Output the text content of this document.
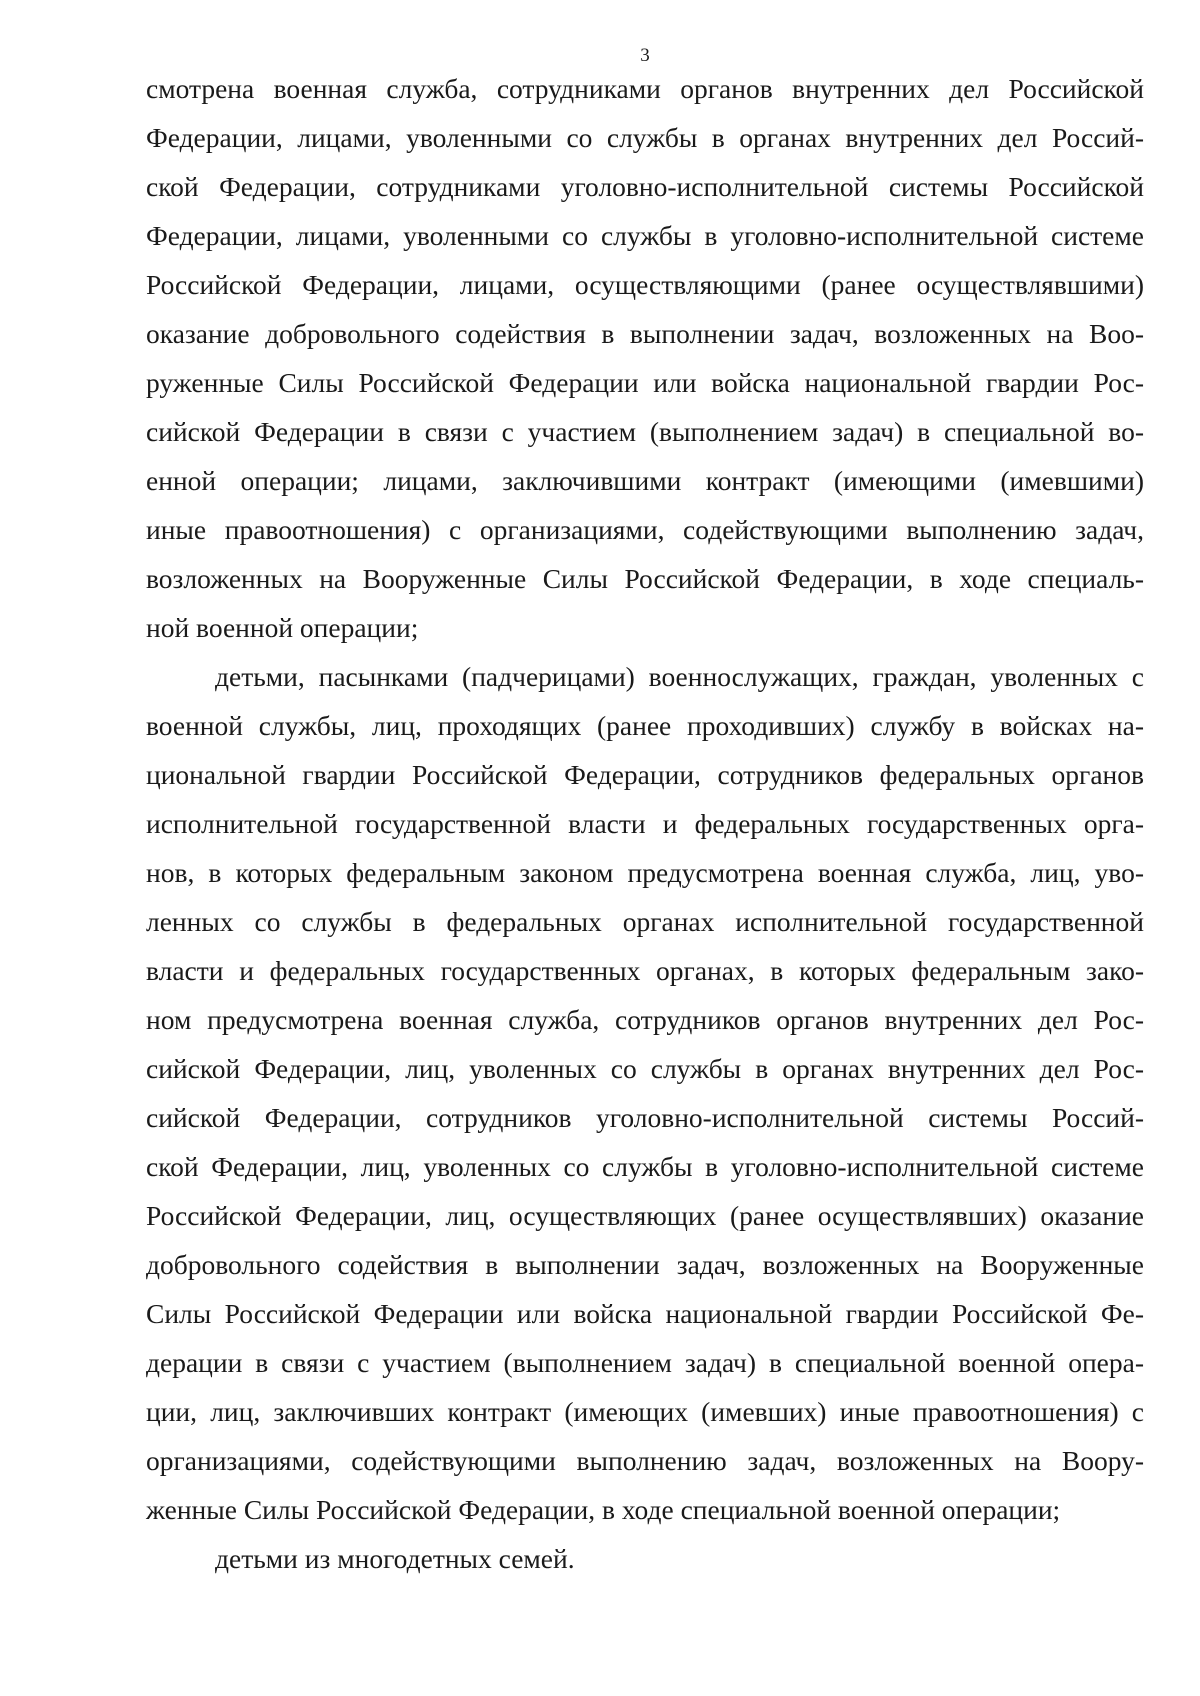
3
смотрена военная служба, сотрудниками органов внутренних дел Российской
Федерации, лицами, уволенными со службы в органах внутренних дел Россий-
ской Федерации, сотрудниками уголовно-исполнительной системы Российской
Федерации, лицами, уволенными со службы в уголовно-исполнительной системе
Российской Федерации, лицами, осуществляющими (ранее осуществлявшими)
оказание добровольного содействия в выполнении задач, возложенных на Воо-
руженные Силы Российской Федерации или войска национальной гвардии Рос-
сийской Федерации в связи с участием (выполнением задач) в специальной во-
енной операции; лицами, заключившими контракт (имеющими (имевшими)
иные правоотношения) с организациями, содействующими выполнению задач,
возложенных на Вооруженные Силы Российской Федерации, в ходе специаль-
ной военной операции;
детьми, пасынками (падчерицами) военнослужащих, граждан, уволенных с
военной службы, лиц, проходящих (ранее проходивших) службу в войсках на-
циональной гвардии Российской Федерации, сотрудников федеральных органов
исполнительной государственной власти и федеральных государственных орга-
нов, в которых федеральным законом предусмотрена военная служба, лиц, уво-
ленных со службы в федеральных органах исполнительной государственной
власти и федеральных государственных органах, в которых федеральным зако-
ном предусмотрена военная служба, сотрудников органов внутренних дел Рос-
сийской Федерации, лиц, уволенных со службы в органах внутренних дел Рос-
сийской Федерации, сотрудников уголовно-исполнительной системы Россий-
ской Федерации, лиц, уволенных со службы в уголовно-исполнительной системе
Российской Федерации, лиц, осуществляющих (ранее осуществлявших) оказание
добровольного содействия в выполнении задач, возложенных на Вооруженные
Силы Российской Федерации или войска национальной гвардии Российской Фе-
дерации в связи с участием (выполнением задач) в специальной военной опера-
ции, лиц, заключивших контракт (имеющих (имевших) иные правоотношения) с
организациями, содействующими выполнению задач, возложенных на Воору-
женные Силы Российской Федерации, в ходе специальной военной операции;
детьми из многодетных семей.
